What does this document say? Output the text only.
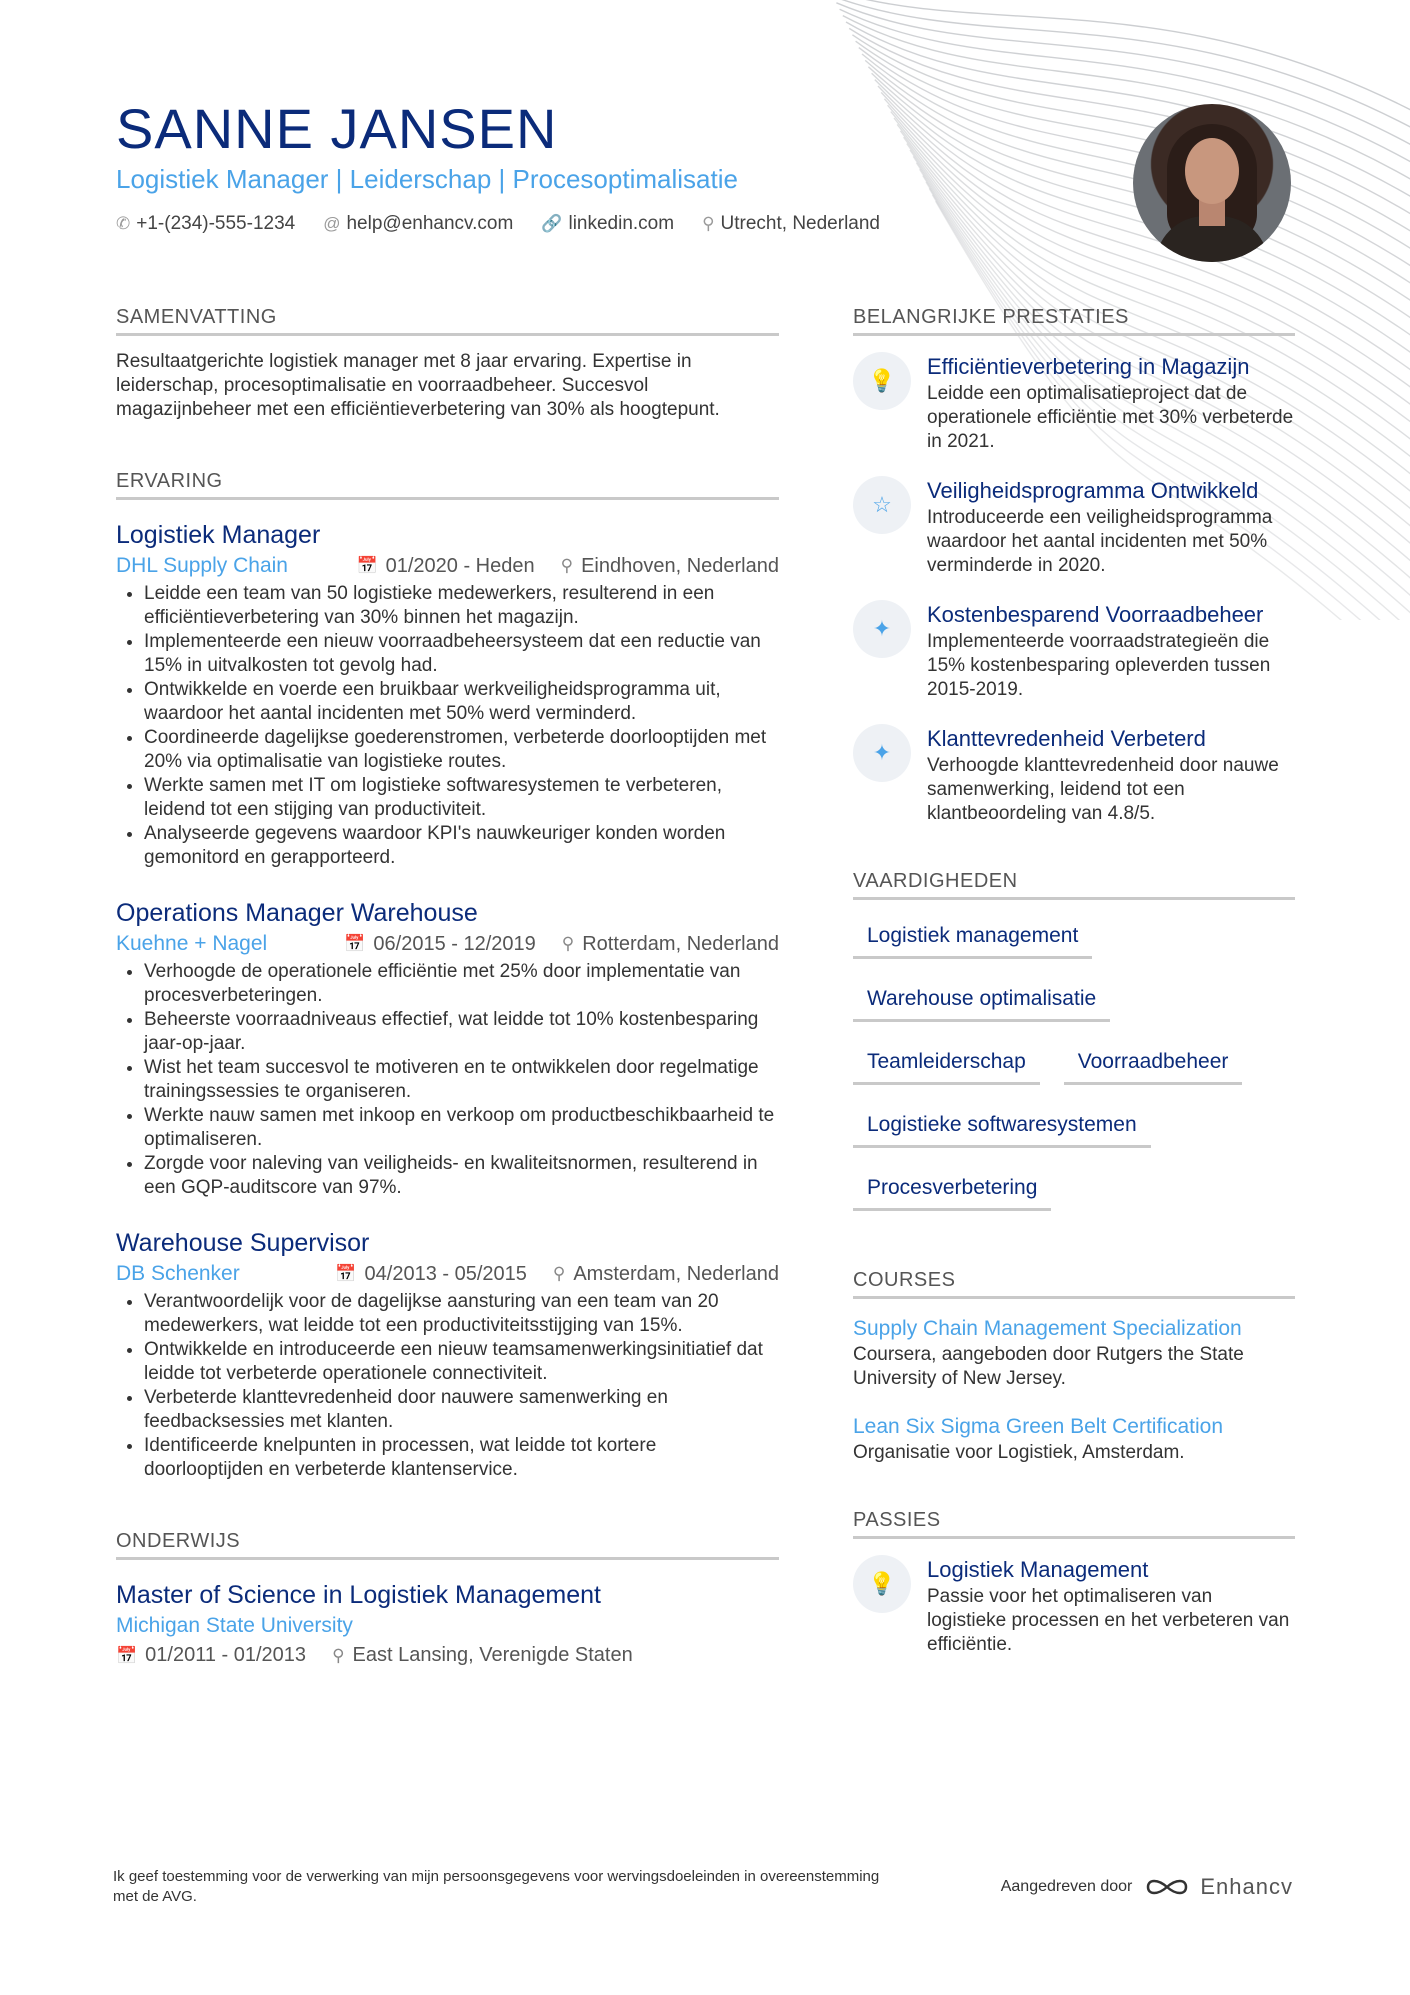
SANNE JANSEN
Logistiek Manager | Leiderschap | Procesoptimalisatie
✆ +1-(234)-555-1234 @ help@enhancv.com 🔗 linkedin.com ⚲ Utrecht, Nederland
SAMENVATTING
Resultaatgerichte logistiek manager met 8 jaar ervaring. Expertise in leiderschap, procesoptimalisatie en voorraadbeheer. Succesvol magazijnbeheer met een efficiëntieverbetering van 30% als hoogtepunt.
ERVARING
Logistiek Manager
DHL Supply Chain	📅 01/2020 - Heden ⚲ Eindhoven, Nederland
• Leidde een team van 50 logistieke medewerkers, resulterend in een efficiëntieverbetering van 30% binnen het magazijn.
• Implementeerde een nieuw voorraadbeheersysteem dat een reductie van 15% in uitvalkosten tot gevolg had.
• Ontwikkelde en voerde een bruikbaar werkveiligheidsprogramma uit, waardoor het aantal incidenten met 50% werd verminderd.
• Coordineerde dagelijkse goederenstromen, verbeterde doorlooptijden met 20% via optimalisatie van logistieke routes.
• Werkte samen met IT om logistieke softwaresystemen te verbeteren, leidend tot een stijging van productiviteit.
• Analyseerde gegevens waardoor KPI's nauwkeuriger konden worden gemonitord en gerapporteerd.
Operations Manager Warehouse
Kuehne + Nagel	📅 06/2015 - 12/2019 ⚲ Rotterdam, Nederland
• Verhoogde de operationele efficiëntie met 25% door implementatie van procesverbeteringen.
• Beheerste voorraadniveaus effectief, wat leidde tot 10% kostenbesparing jaar-op-jaar.
• Wist het team succesvol te motiveren en te ontwikkelen door regelmatige trainingssessies te organiseren.
• Werkte nauw samen met inkoop en verkoop om productbeschikbaarheid te optimaliseren.
• Zorgde voor naleving van veiligheids- en kwaliteitsnormen, resulterend in een GQP-auditscore van 97%.
Warehouse Supervisor
DB Schenker	📅 04/2013 - 05/2015 ⚲ Amsterdam, Nederland
• Verantwoordelijk voor de dagelijkse aansturing van een team van 20 medewerkers, wat leidde tot een productiviteitsstijging van 15%.
• Ontwikkelde en introduceerde een nieuw teamsamenwerkingsinitiatief dat leidde tot verbeterde operationele connectiviteit.
• Verbeterde klanttevredenheid door nauwere samenwerking en feedbacksessies met klanten.
• Identificeerde knelpunten in processen, wat leidde tot kortere doorlooptijden en verbeterde klantenservice.
ONDERWIJS
Master of Science in Logistiek Management
Michigan State University
📅 01/2011 - 01/2013 ⚲ East Lansing, Verenigde Staten
BELANGRIJKE PRESTATIES
💡
Efficiëntieverbetering in Magazijn
Leidde een optimalisatieproject dat de operationele efficiëntie met 30% verbeterde in 2021.
☆
Veiligheidsprogramma Ontwikkeld
Introduceerde een veiligheidsprogramma waardoor het aantal incidenten met 50% verminderde in 2020.
✦
Kostenbesparend Voorraadbeheer
Implementeerde voorraadstrategieën die 15% kostenbesparing opleverden tussen 2015-2019.
✦
Klanttevredenheid Verbeterd
Verhoogde klanttevredenheid door nauwe samenwerking, leidend tot een klantbeoordeling van 4.8/5.
VAARDIGHEDEN
Logistiek management
Warehouse optimalisatie
Teamleiderschap Voorraadbeheer
Logistieke softwaresystemen
Procesverbetering
COURSES
Supply Chain Management Specialization
Coursera, aangeboden door Rutgers the State University of New Jersey.
Lean Six Sigma Green Belt Certification
Organisatie voor Logistiek, Amsterdam.
PASSIES
💡
Logistiek Management
Passie voor het optimaliseren van logistieke processen en het verbeteren van efficiëntie.
Ik geef toestemming voor de verwerking van mijn persoonsgegevens voor wervingsdoeleinden in overeenstemming met de AVG.
Aangedreven door	Enhancv
